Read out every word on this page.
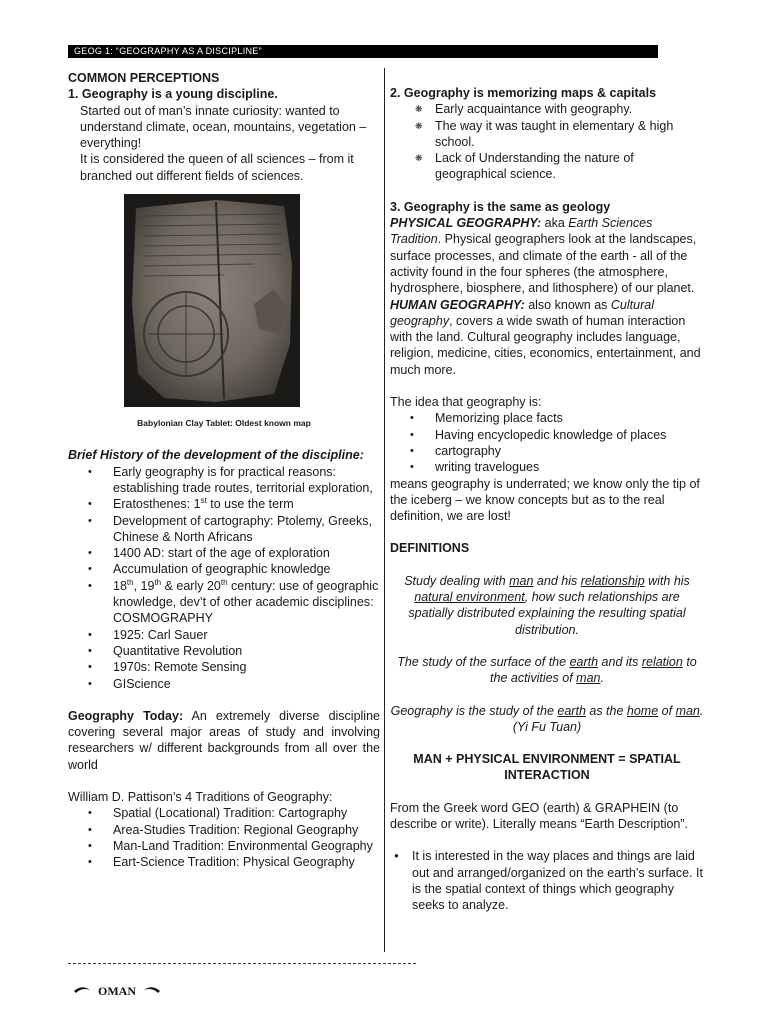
GEOG 1: “GEOGRAPHY AS A DISCIPLINE”

COMMON PERCEPTIONS

1. Geography is a young discipline.

Started out of man’s innate curiosity: wanted to understand climate, ocean, mountains, vegetation – everything!

It is considered the queen of all sciences – from it branched out different fields of sciences.

Babylonian Clay Tablet: Oldest known map

Brief History of the development of the discipline:

• Early geography is for practical reasons: establishing trade routes, territorial exploration,
• Eratosthenes: 1st to use the term
• Development of cartography: Ptolemy, Greeks, Chinese & North Africans
• 1400 AD: start of the age of exploration
• Accumulation of geographic knowledge
• 18th, 19th & early 20th century: use of geographic knowledge, dev’t of other academic disciplines: COSMOGRAPHY
• 1925: Carl Sauer
• Quantitative Revolution
• 1970s: Remote Sensing
• GIScience

Geography Today: An extremely diverse discipline covering several major areas of study and involving researchers w/ different backgrounds from all over the world

William D. Pattison’s 4 Traditions of Geography:

• Spatial (Locational) Tradition: Cartography
• Area-Studies Tradition: Regional Geography
• Man-Land Tradition: Environmental Geography
• Eart-Science Tradition: Physical Geography

2. Geography is memorizing maps & capitals

❋ Early acquaintance with geography.
❋ The way it was taught in elementary & high school.
❋ Lack of Understanding the nature of geographical science.

3. Geography is the same as geology

PHYSICAL GEOGRAPHY: aka Earth Sciences Tradition. Physical geographers look at the landscapes, surface processes, and climate of the earth - all of the activity found in the four spheres (the atmosphere, hydrosphere, biosphere, and lithosphere) of our planet.

HUMAN GEOGRAPHY: also known as Cultural geography, covers a wide swath of human interaction with the land. Cultural geography includes language, religion, medicine, cities, economics, entertainment, and much more.

The idea that geography is:

• Memorizing place facts
• Having encyclopedic knowledge of places
• cartography
• writing travelogues

means geography is underrated; we know only the tip of the iceberg – we know concepts but as to the real definition, we are lost!

DEFINITIONS

Study dealing with man and his relationship with his natural environment, how such relationships are spatially distributed explaining the resulting spatial distribution.

The study of the surface of the earth and its relation to the activities of man.

Geography is the study of the earth as the home of man. (Yi Fu Tuan)

MAN + PHYSICAL ENVIRONMENT = SPATIAL INTERACTION

From the Greek word GEO (earth) & GRAPHEIN (to describe or write). Literally means “Earth Description”.

● It is interested in the way places and things are laid out and arranged/organized on the earth’s surface. It is the spatial context of things which geography seeks to analyze.
OMAN
